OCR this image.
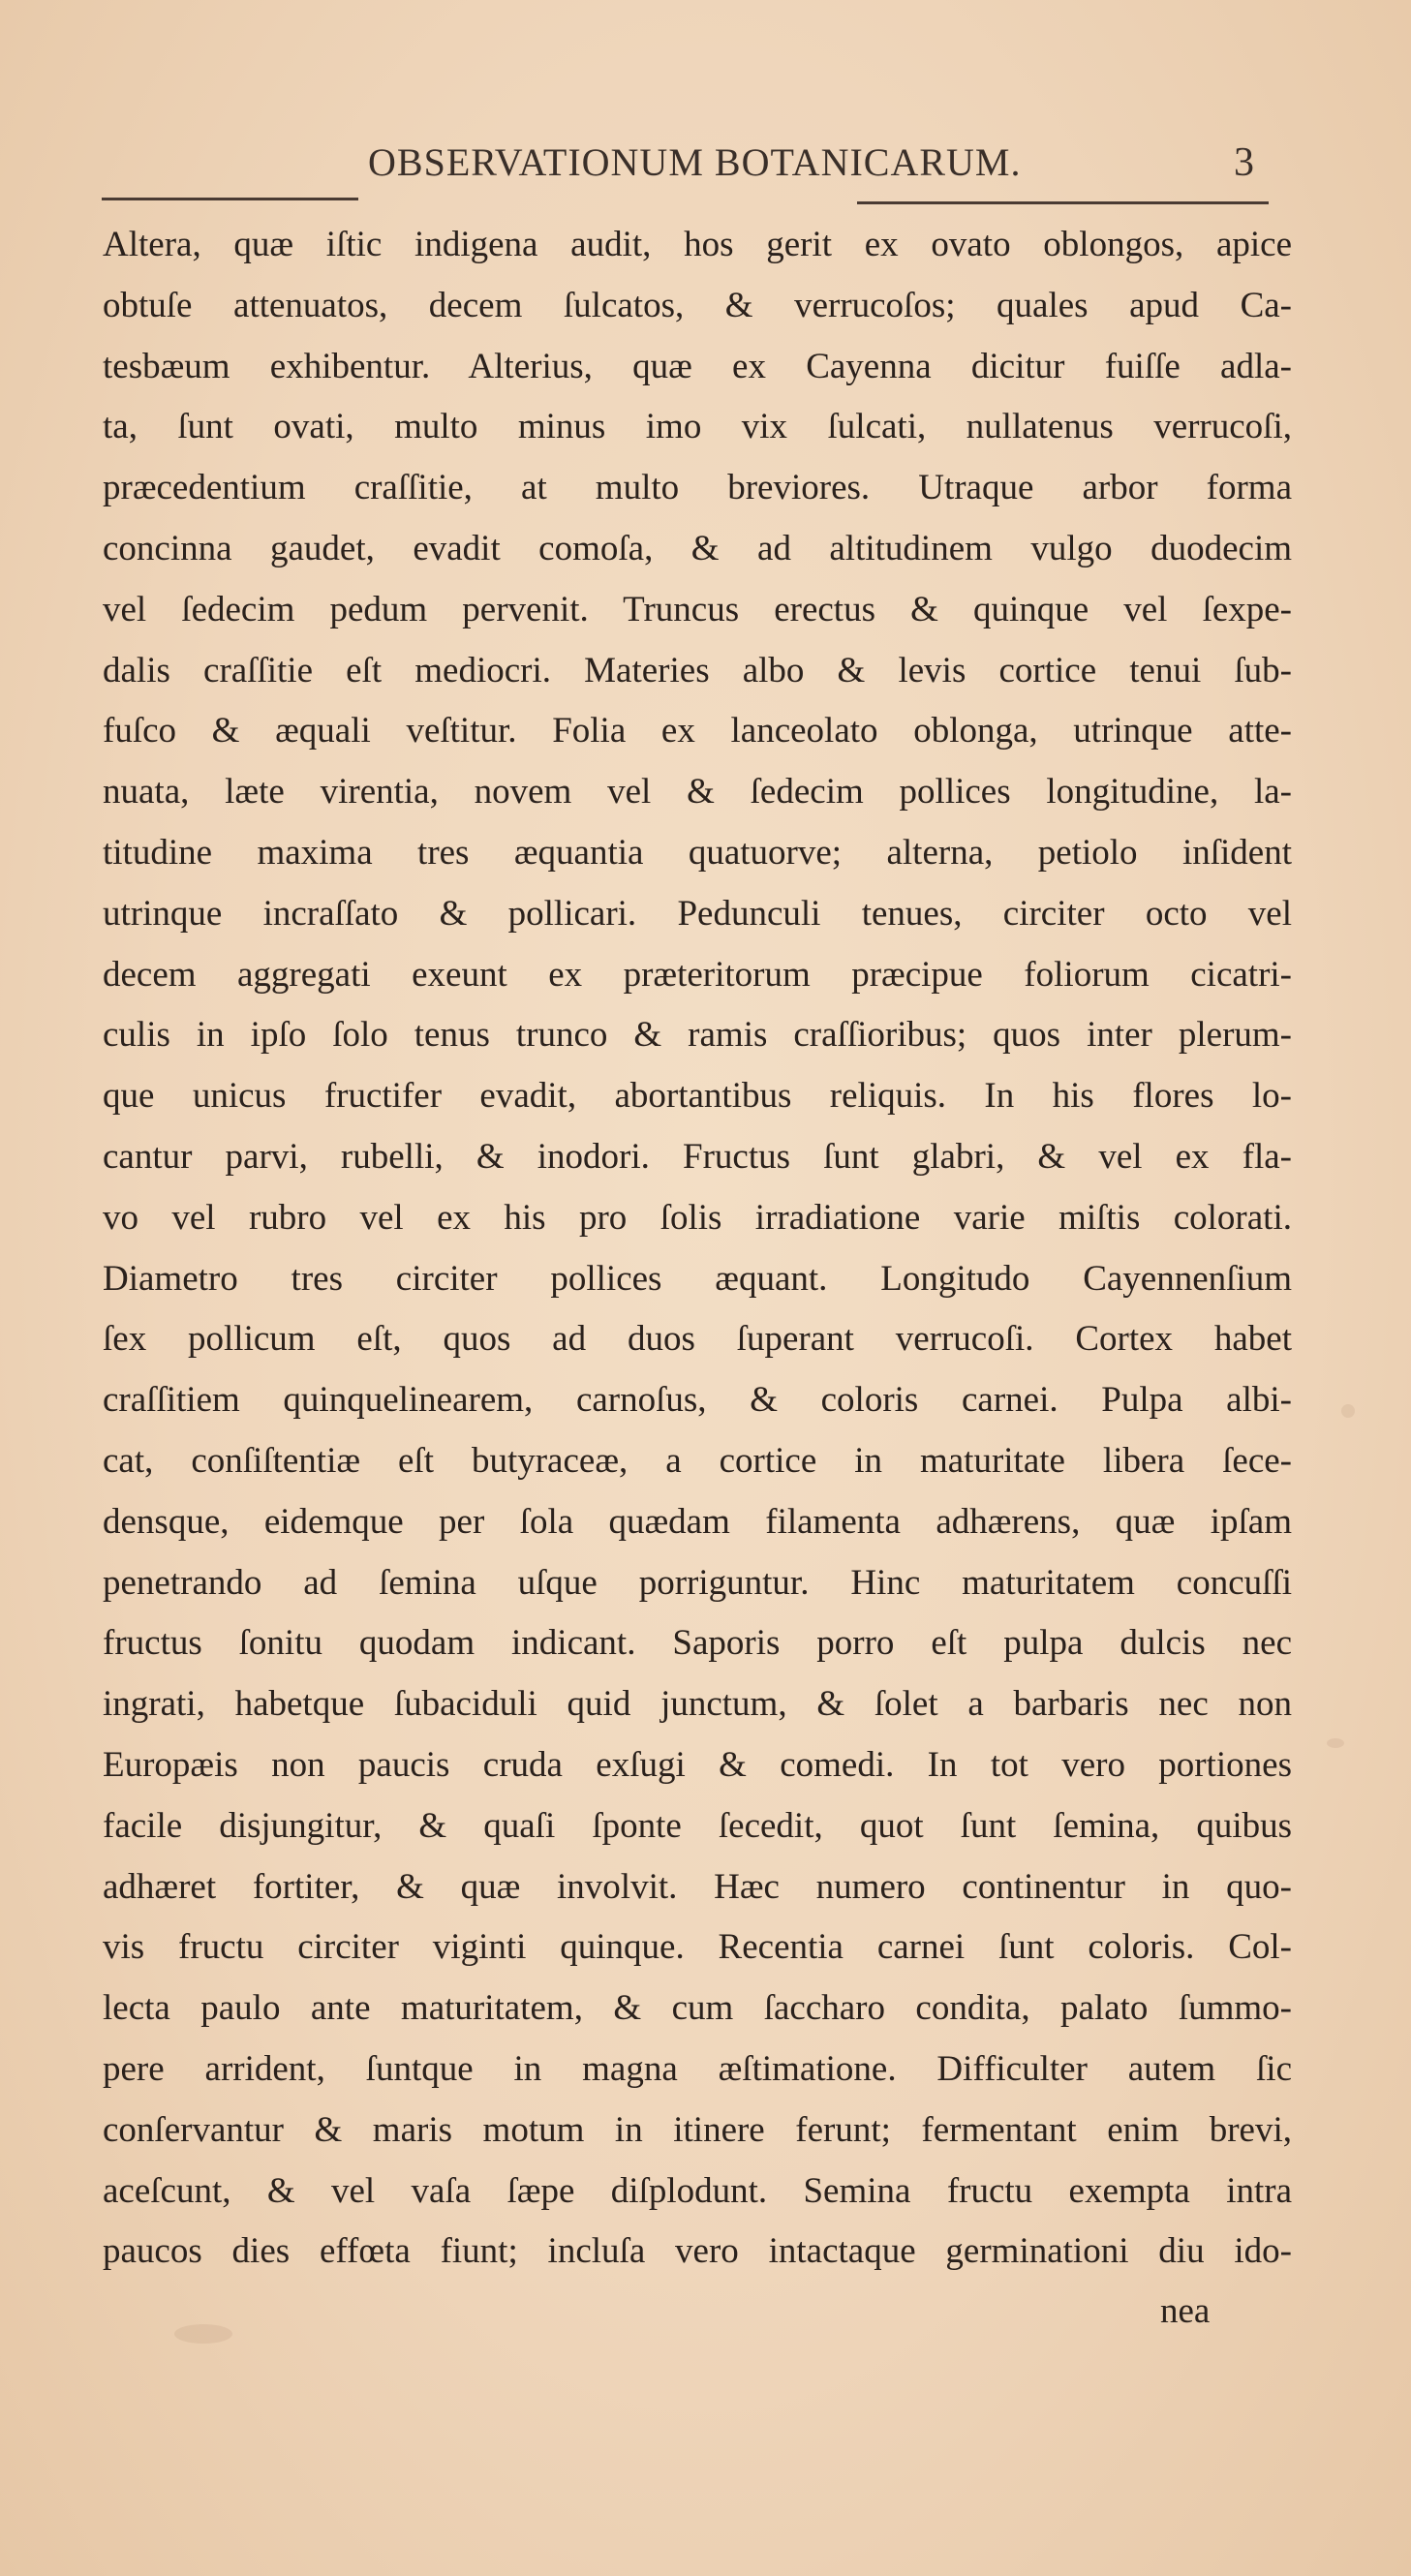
OBSERVATIONUM BOTANICARUM.	3
Altera, quæ iſtic indigena audit, hos gerit ex ovato oblongos, apice
obtuſe attenuatos, decem ſulcatos, & verrucoſos; quales apud Ca-
tesbæum exhibentur. Alterius, quæ ex Cayenna dicitur fuiſſe adla-
ta, ſunt ovati, multo minus imo vix ſulcati, nullatenus verrucoſi,
præcedentium craſſitie, at multo breviores. Utraque arbor forma
concinna gaudet, evadit comoſa, & ad altitudinem vulgo duodecim
vel ſedecim pedum pervenit. Truncus erectus & quinque vel ſexpe-
dalis craſſitie eſt mediocri. Materies albo & levis cortice tenui ſub-
fuſco & æquali veſtitur. Folia ex lanceolato oblonga, utrinque atte-
nuata, læte virentia, novem vel & ſedecim pollices longitudine, la-
titudine maxima tres æquantia quatuorve; alterna, petiolo inſident
utrinque incraſſato & pollicari. Pedunculi tenues, circiter octo vel
decem aggregati exeunt ex præteritorum præcipue foliorum cicatri-
culis in ipſo ſolo tenus trunco & ramis craſſioribus; quos inter plerum-
que unicus fructifer evadit, abortantibus reliquis. In his flores lo-
cantur parvi, rubelli, & inodori. Fructus ſunt glabri, & vel ex fla-
vo vel rubro vel ex his pro ſolis irradiatione varie miſtis colorati.
Diametro tres circiter pollices æquant. Longitudo Cayennenſium
ſex pollicum eſt, quos ad duos ſuperant verrucoſi. Cortex habet
craſſitiem quinquelinearem, carnoſus, & coloris carnei. Pulpa albi-
cat, conſiſtentiæ eſt butyraceæ, a cortice in maturitate libera ſece-
densque, eidemque per ſola quædam filamenta adhærens, quæ ipſam
penetrando ad ſemina uſque porriguntur. Hinc maturitatem concuſſi
fructus ſonitu quodam indicant. Saporis porro eſt pulpa dulcis nec
ingrati, habetque ſubaciduli quid junctum, & ſolet a barbaris nec non
Europæis non paucis cruda exſugi & comedi. In tot vero portiones
facile disjungitur, & quaſi ſponte ſecedit, quot ſunt ſemina, quibus
adhæret fortiter, & quæ involvit. Hæc numero continentur in quo-
vis fructu circiter viginti quinque. Recentia carnei ſunt coloris. Col-
lecta paulo ante maturitatem, & cum ſaccharo condita, palato ſummo-
pere arrident, ſuntque in magna æſtimatione. Difficulter autem ſic
conſervantur & maris motum in itinere ferunt; fermentant enim brevi,
aceſcunt, & vel vaſa ſæpe diſplodunt. Semina fructu exempta intra
paucos dies effœta fiunt; incluſa vero intactaque germinationi diu ido-
nea
